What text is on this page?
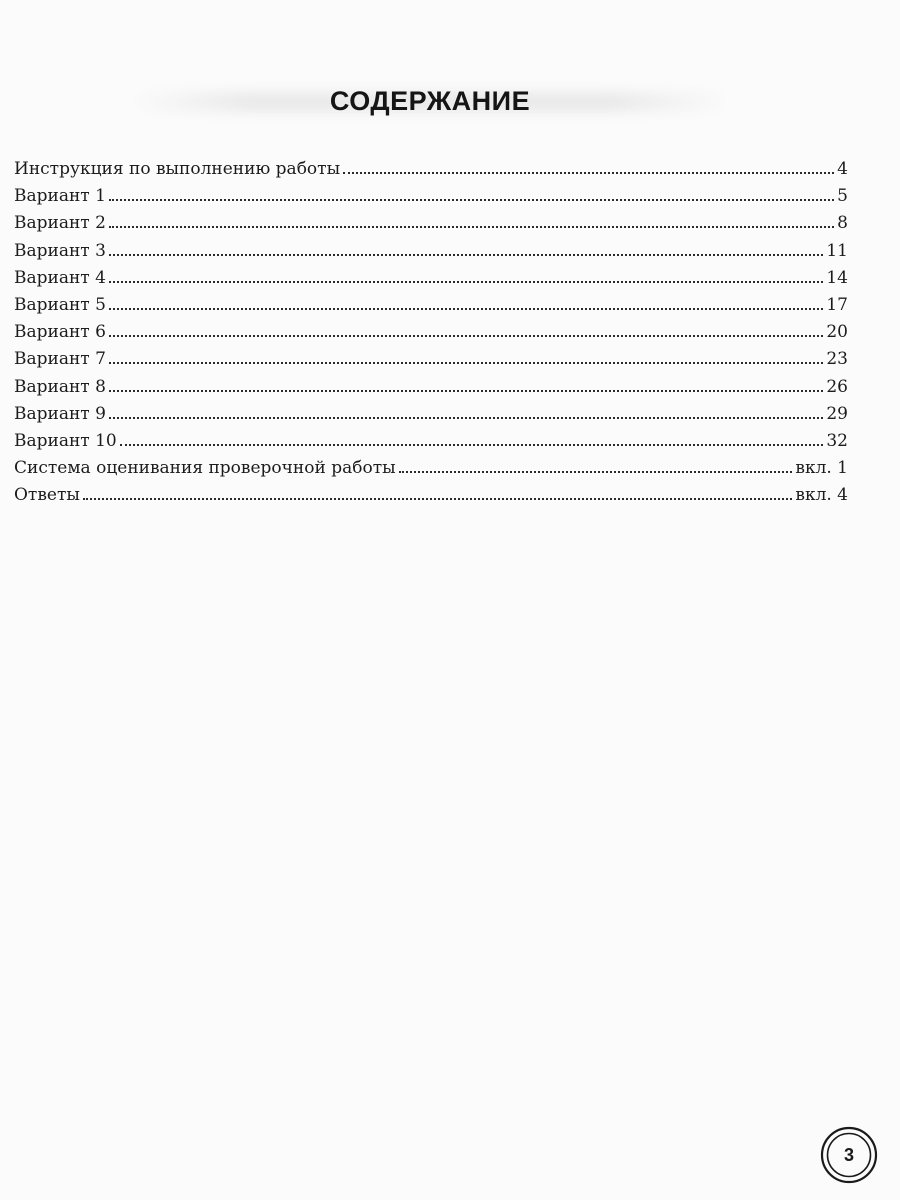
СОДЕРЖАНИЕ
Инструкция по выполнению работы	4
Вариант 1	5
Вариант 2	8
Вариант 3	11
Вариант 4	14
Вариант 5	17
Вариант 6	20
Вариант 7	23
Вариант 8	26
Вариант 9	29
Вариант 10	32
Система оценивания проверочной работы	вкл. 1
Ответы	вкл. 4
3
